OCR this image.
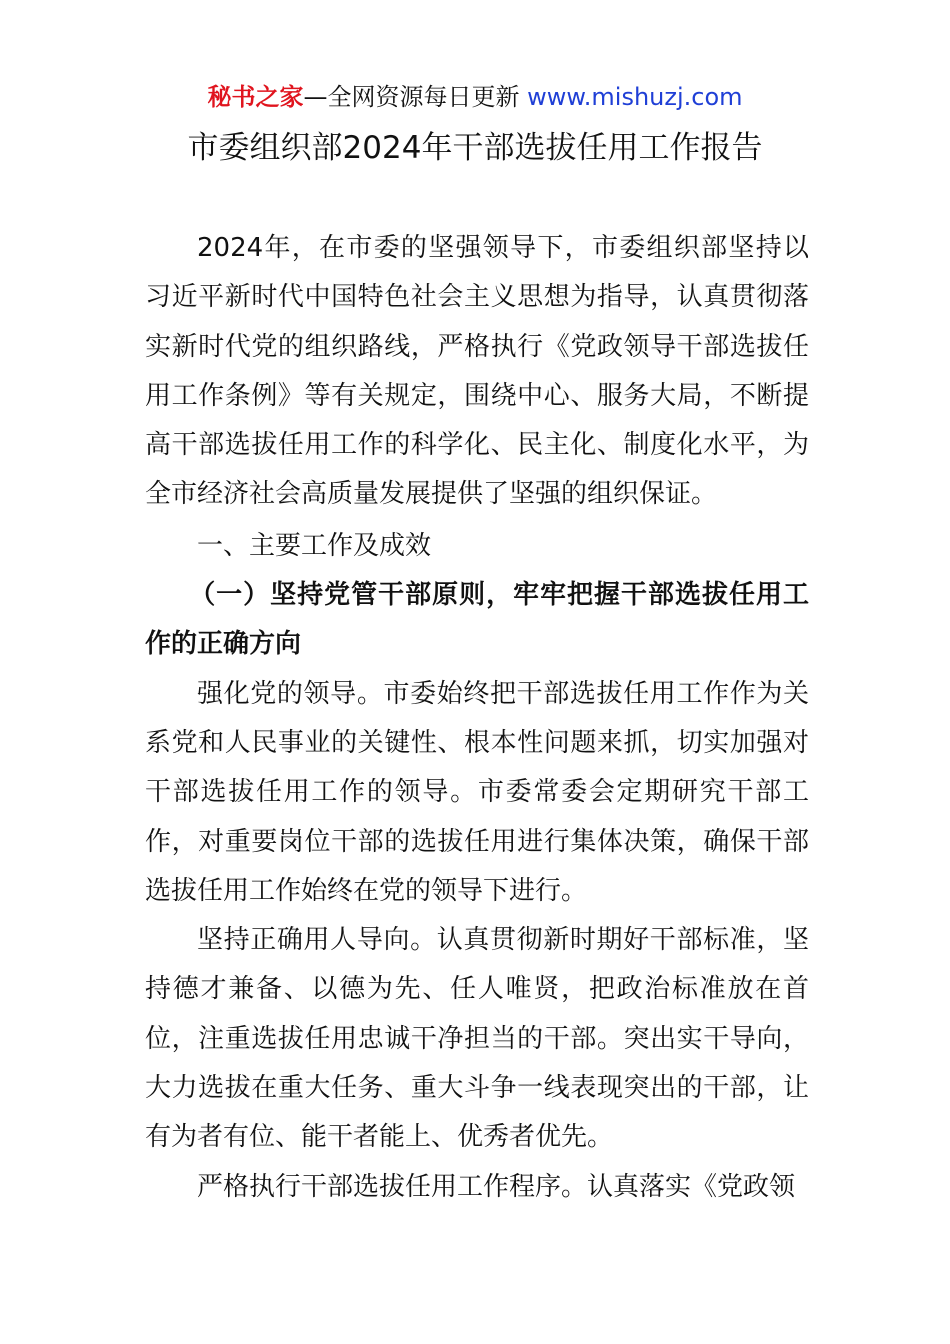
秘书之家—全网资源每日更新 www.mishuzj.com
市委组织部2024年干部选拔任用工作报告

2024年，在市委的坚强领导下，市委组织部坚持以习近平新时代中国特色社会主义思想为指导，认真贯彻落实新时代党的组织路线，严格执行《党政领导干部选拔任用工作条例》等有关规定，围绕中心、服务大局，不断提高干部选拔任用工作的科学化、民主化、制度化水平，为全市经济社会高质量发展提供了坚强的组织保证。

一、主要工作及成效

（一）坚持党管干部原则，牢牢把握干部选拔任用工作的正确方向

强化党的领导。市委始终把干部选拔任用工作作为关系党和人民事业的关键性、根本性问题来抓，切实加强对干部选拔任用工作的领导。市委常委会定期研究干部工作，对重要岗位干部的选拔任用进行集体决策，确保干部选拔任用工作始终在党的领导下进行。

坚持正确用人导向。认真贯彻新时期好干部标准，坚持德才兼备、以德为先、任人唯贤，把政治标准放在首位，注重选拔任用忠诚干净担当的干部。突出实干导向，大力选拔在重大任务、重大斗争一线表现突出的干部，让有为者有位、能干者能上、优秀者优先。

严格执行干部选拔任用工作程序。认真落实《党政领
